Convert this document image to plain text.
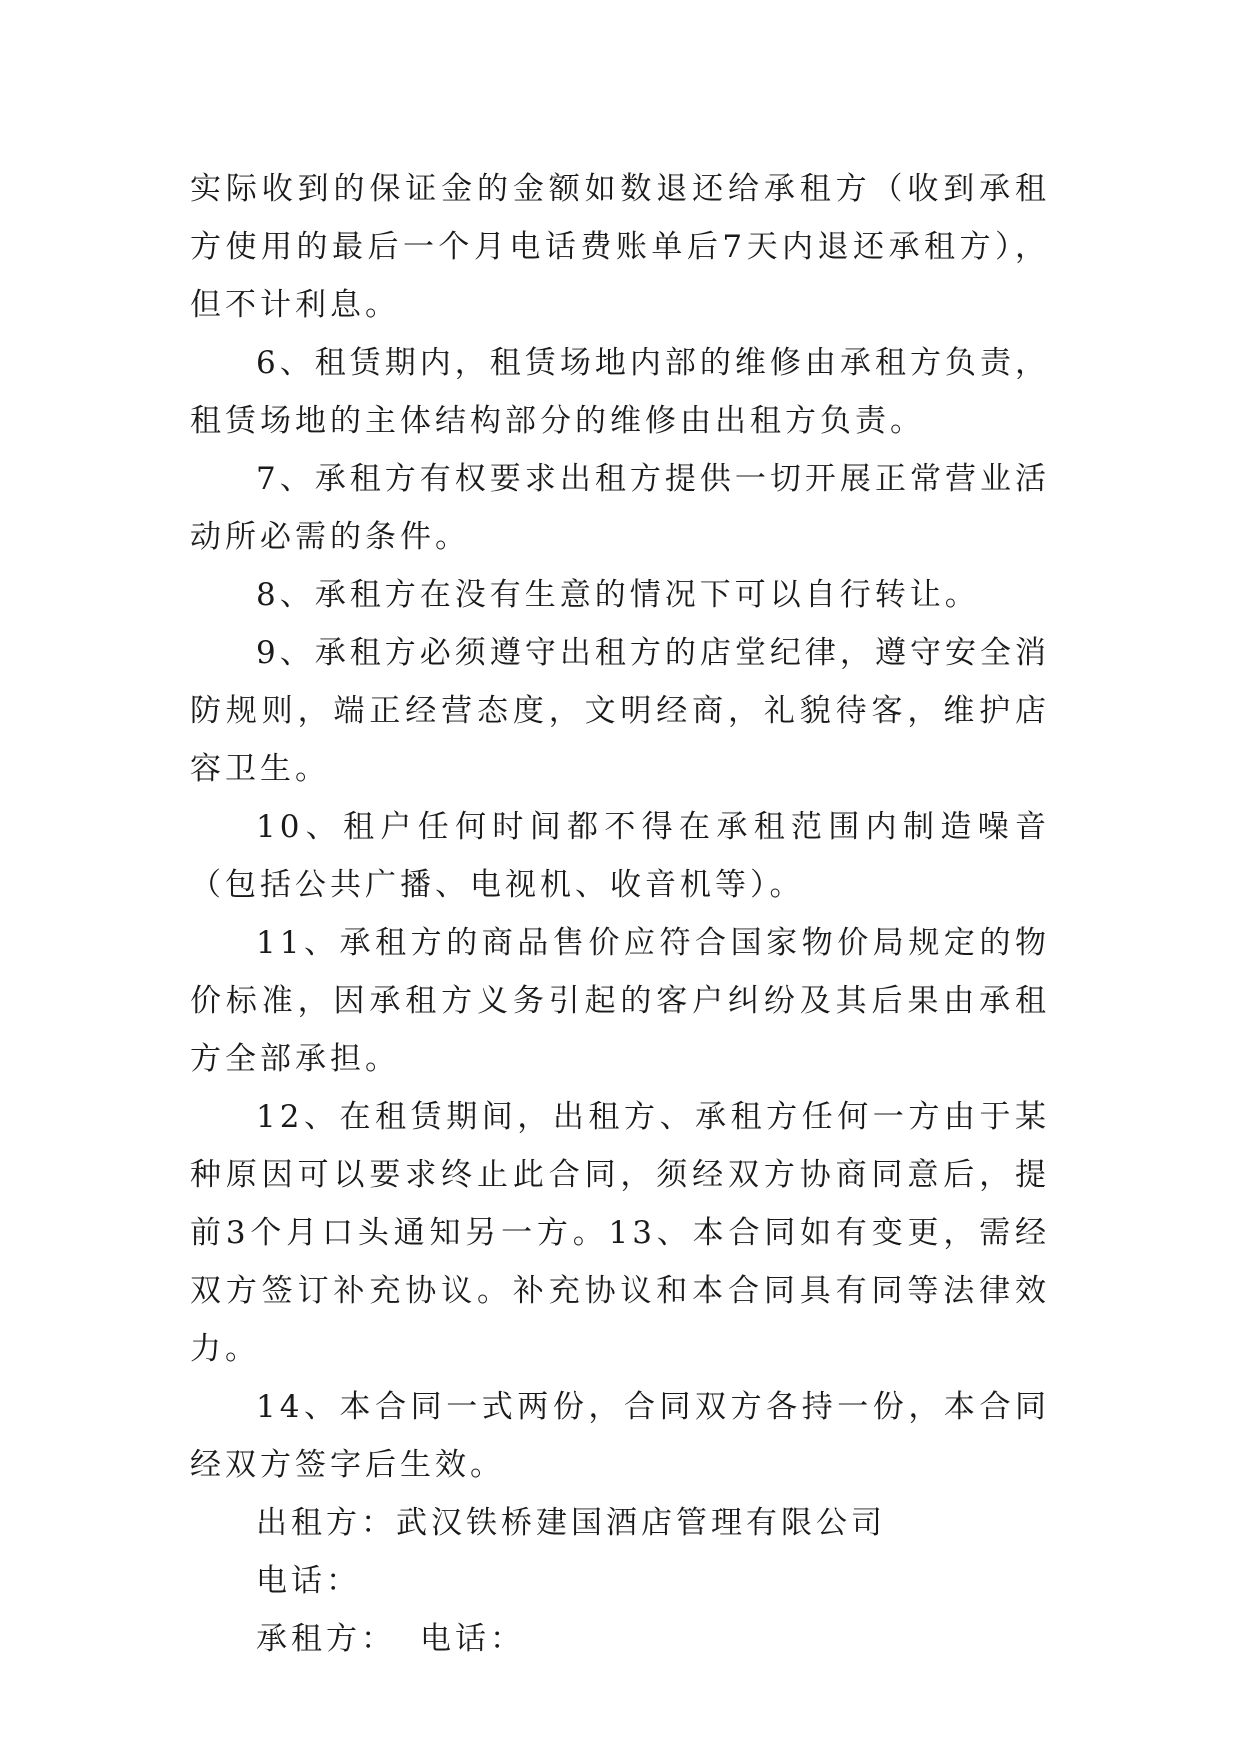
实际收到的保证金的金额如数退还给承租方（收到承租方使用的最后一个月电话费账单后7天内退还承租方），但不计利息。

6、租赁期内，租赁场地内部的维修由承租方负责，租赁场地的主体结构部分的维修由出租方负责。

7、承租方有权要求出租方提供一切开展正常营业活动所必需的条件。

8、承租方在没有生意的情况下可以自行转让。

9、承租方必须遵守出租方的店堂纪律，遵守安全消防规则，端正经营态度，文明经商，礼貌待客，维护店容卫生。

10、租户任何时间都不得在承租范围内制造噪音（包括公共广播、电视机、收音机等）。

11、承租方的商品售价应符合国家物价局规定的物价标准，因承租方义务引起的客户纠纷及其后果由承租方全部承担。

12、在租赁期间，出租方、承租方任何一方由于某种原因可以要求终止此合同，须经双方协商同意后，提前3个月口头通知另一方。13、本合同如有变更，需经双方签订补充协议。补充协议和本合同具有同等法律效力。

14、本合同一式两份，合同双方各持一份，本合同经双方签字后生效。

出租方：武汉铁桥建国酒店管理有限公司

电话：

承租方： 电话：
